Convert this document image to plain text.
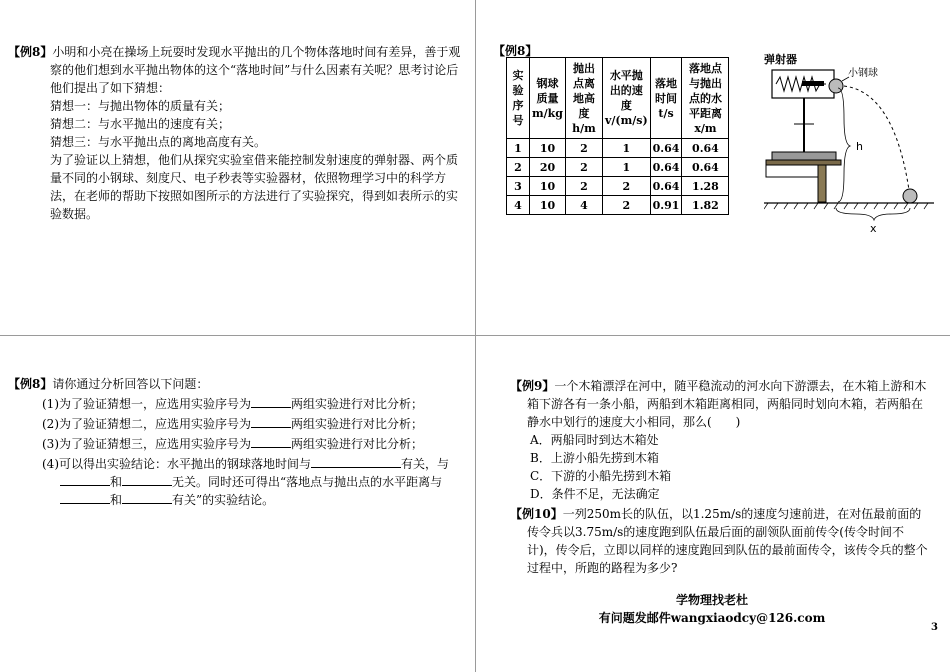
【例8】小明和小亮在操场上玩耍时发现水平抛出的几个物体落地时间有差异，善于观察的他们想到水平抛出物体的这个“落地时间”与什么因素有关呢？思考讨论后他们提出了如下猜想：
猜想一：与抛出物体的质量有关；
猜想二：与水平抛出的速度有关；
猜想三：与水平抛出点的离地高度有关。
为了验证以上猜想，他们从探究实验室借来能控制发射速度的弹射器、两个质量不同的小钢球、刻度尺、电子秒表等实验器材，依照物理学习中的科学方法，在老师的帮助下按照如图所示的方法进行了实验探究，得到如表所示的实验数据。
【例8】
实验序号	钢球质量m/kg	抛出点离地高度h/m	水平抛出的速度v/(m/s)	落地时间t/s	落地点与抛出点的水平距离x/m
1	10	2	1	0.64	0.64
2	20	2	1	0.64	0.64
3	10	2	2	0.64	1.28
4	10	4	2	0.91	1.82
弹射器
小钢球
h
x
【例8】请你通过分析回答以下问题：
(1)为了验证猜想一，应选用实验序号为	两组实验进行对比分析；
(2)为了验证猜想二，应选用实验序号为	两组实验进行对比分析；
(3)为了验证猜想三，应选用实验序号为	两组实验进行对比分析；
(4)可以得出实验结论：水平抛出的钢球落地时间与	有关，与和	无关。同时还可得出“落地点与抛出点的水平距离与和	有关”的实验结论。
【例9】一个木箱漂浮在河中，随平稳流动的河水向下游漂去，在木箱上游和木箱下游各有一条小船，两船到木箱距离相同，两船同时划向木箱，若两船在静水中划行的速度大小相同，那么(　　)
A．两船同时到达木箱处
B．上游小船先捞到木箱
C．下游的小船先捞到木箱
D．条件不足，无法确定
【例10】一列250m长的队伍，以1.25m/s的速度匀速前进，在对伍最前面的传令兵以3.75m/s的速度跑到队伍最后面的副领队面前传令(传令时间不计)，传令后，立即以同样的速度跑回到队伍的最前面传令，该传令兵的整个过程中，所跑的路程为多少?
学物理找老杜
有问题发邮件wangxiaodcy@126.com
3
